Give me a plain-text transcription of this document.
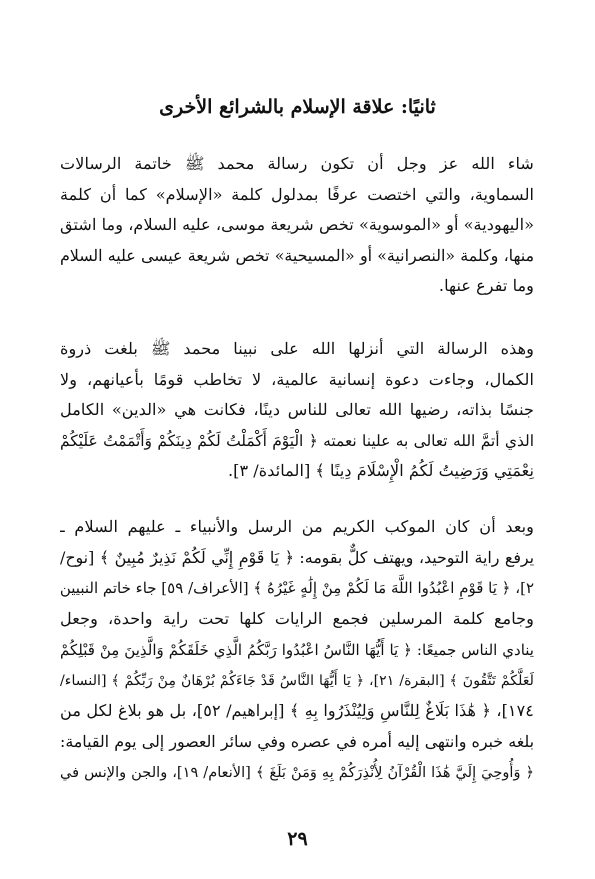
ثانيًا: علاقة الإسلام بالشرائع الأخرى
شاء الله عز وجل أن تكون رسالة محمد ﷺ خاتمة الرسالات
السماوية، والتي اختصت عرفًا بمدلول كلمة «الإسلام» كما أن كلمة
«اليهودية» أو «الموسوية» تخص شريعة موسى، عليه السلام، وما اشتق
منها، وكلمة «النصرانية» أو «المسيحية» تخص شريعة عيسى عليه السلام
وما تفرع عنها.
وهذه الرسالة التي أنزلها الله على نبينا محمد ﷺ بلغت ذروة
الكمال، وجاءت دعوة إنسانية عالمية، لا تخاطب قومًا بأعيانهم، ولا
جنسًا بذاته، رضيها الله تعالى للناس دينًا، فكانت هي «الدين» الكامل
الذي أتمَّ الله تعالى به علينا نعمته ﴿ الْيَوْمَ أَكْمَلْتُ لَكُمْ دِينَكُمْ وَأَتْمَمْتُ عَلَيْكُمْ
نِعْمَتِي وَرَضِيتُ لَكُمُ الْإِسْلَامَ دِينًا ﴾ [المائدة/ ٣].
وبعد أن كان الموكب الكريم من الرسل والأنبياء ـ عليهم السلام ـ
يرفع راية التوحيد، ويهتف كلٌّ بقومه: ﴿ يَا قَوْمِ إِنِّي لَكُمْ نَذِيرٌ مُبِينٌ ﴾ [نوح/
٢]، ﴿ يَا قَوْمِ اعْبُدُوا اللَّهَ مَا لَكُمْ مِنْ إِلَٰهٍ غَيْرُهُ ﴾ [الأعراف/ ٥٩] جاء خاتم النبيين
وجامع كلمة المرسلين فجمع الرايات كلها تحت راية واحدة، وجعل
ينادي الناس جميعًا: ﴿ يَا أَيُّهَا النَّاسُ اعْبُدُوا رَبَّكُمُ الَّذِي خَلَقَكُمْ وَالَّذِينَ مِنْ قَبْلِكُمْ
لَعَلَّكُمْ تَتَّقُونَ ﴾ [البقرة/ ٢١]، ﴿ يَا أَيُّهَا النَّاسُ قَدْ جَاءَكُمْ بُرْهَانٌ مِنْ رَبِّكُمْ ﴾ [النساء/
١٧٤]، ﴿ هَٰذَا بَلَاغٌ لِلنَّاسِ وَلِيُنْذَرُوا بِهِ ﴾ [إبراهيم/ ٥٢]، بل هو بلاغ لكل من
بلغه خبره وانتهى إليه أمره في عصره وفي سائر العصور إلى يوم القيامة:
﴿ وَأُوحِيَ إِلَيَّ هَٰذَا الْقُرْآنُ لِأُنْذِرَكُمْ بِهِ وَمَنْ بَلَغَ ﴾ [الأنعام/ ١٩]، والجن والإنس في
٢٩
